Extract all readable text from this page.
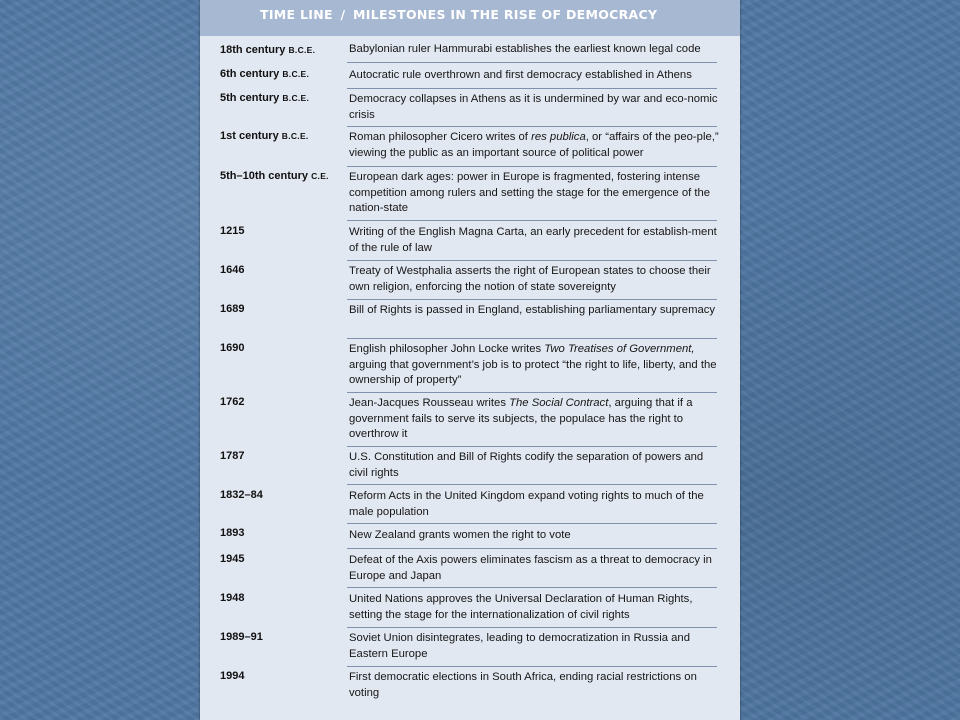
TIME LINE / MILESTONES IN THE RISE OF DEMOCRACY
18th century B.C.E.	Babylonian ruler Hammurabi establishes the earliest known legal code
6th century B.C.E.	Autocratic rule overthrown and first democracy established in Athens
5th century B.C.E.	Democracy collapses in Athens as it is undermined by war and eco-nomic crisis
1st century B.C.E.	Roman philosopher Cicero writes of res publica, or “affairs of the peo-ple,” viewing the public as an important source of political power
5th–10th century C.E. European dark ages: power in Europe is fragmented, fostering intense competition among rulers and setting the stage for the emergence of the nation-state
1215	Writing of the English Magna Carta, an early precedent for establish-ment of the rule of law
1646	Treaty of Westphalia asserts the right of European states to choose their own religion, enforcing the notion of state sovereignty
1689	Bill of Rights is passed in England, establishing parliamentary supremacy
1690	English philosopher John Locke writes Two Treatises of Government, arguing that government’s job is to protect “the right to life, liberty, and the ownership of property”
1762	Jean-Jacques Rousseau writes The Social Contract, arguing that if a government fails to serve its subjects, the populace has the right to overthrow it
1787	U.S. Constitution and Bill of Rights codify the separation of powers and civil rights
1832–84	Reform Acts in the United Kingdom expand voting rights to much of the male population
1893	New Zealand grants women the right to vote
1945	Defeat of the Axis powers eliminates fascism as a threat to democracy in Europe and Japan
1948	United Nations approves the Universal Declaration of Human Rights, setting the stage for the internationalization of civil rights
1989–91	Soviet Union disintegrates, leading to democratization in Russia and Eastern Europe
1994	First democratic elections in South Africa, ending racial restrictions on voting
